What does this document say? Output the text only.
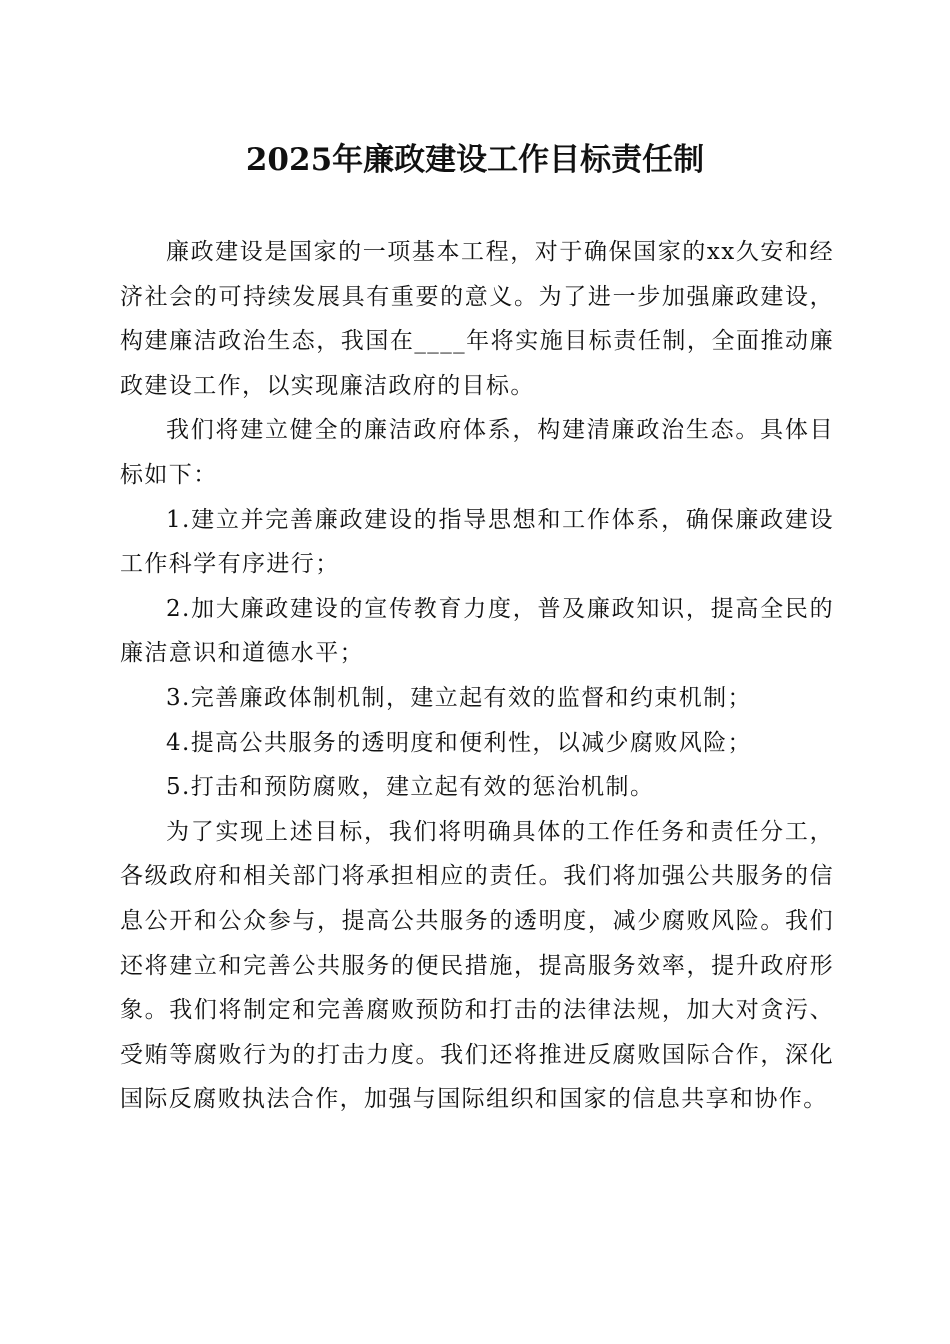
2025年廉政建设工作目标责任制

廉政建设是国家的一项基本工程，对于确保国家的xx久安和经济社会的可持续发展具有重要的意义。为了进一步加强廉政建设，构建廉洁政治生态，我国在____年将实施目标责任制，全面推动廉政建设工作，以实现廉洁政府的目标。

我们将建立健全的廉洁政府体系，构建清廉政治生态。具体目标如下：

1.建立并完善廉政建设的指导思想和工作体系，确保廉政建设工作科学有序进行；

2.加大廉政建设的宣传教育力度，普及廉政知识，提高全民的廉洁意识和道德水平；

3.完善廉政体制机制，建立起有效的监督和约束机制；

4.提高公共服务的透明度和便利性，以减少腐败风险；

5.打击和预防腐败，建立起有效的惩治机制。

为了实现上述目标，我们将明确具体的工作任务和责任分工，各级政府和相关部门将承担相应的责任。我们将加强公共服务的信息公开和公众参与，提高公共服务的透明度，减少腐败风险。我们还将建立和完善公共服务的便民措施，提高服务效率，提升政府形象。我们将制定和完善腐败预防和打击的法律法规，加大对贪污、受贿等腐败行为的打击力度。我们还将推进反腐败国际合作，深化国际反腐败执法合作，加强与国际组织和国家的信息共享和协作。
